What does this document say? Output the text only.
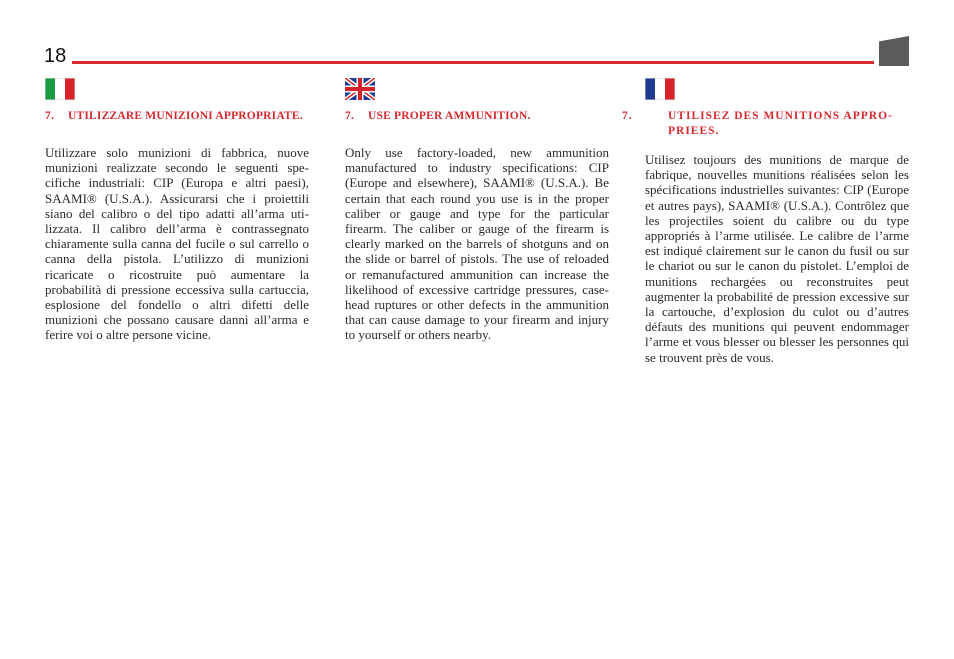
18
7. UTILIZZARE MUNIZIONI APPROPRIATE.

Utilizzare solo munizioni di fabbrica, nuove munizioni realizzate secondo le seguenti specifiche industriali: CIP (Europa e altri paesi), SAAMI® (U.S.A.). Assicurarsi che i proiettili siano del calibro o del tipo adatti all’arma utilizzata. Il calibro dell’arma è contrassegnato chiaramente sulla canna del fucile o sul carrello o canna della pistola. L’utilizzo di munizioni ricaricate o ricostruite può aumentare la probabilità di pressione eccessiva sulla cartuccia, esplosione del fondello o altri difetti delle munizioni che possano causare danni all’arma e ferire voi o altre persone vicine.

7. USE PROPER AMMUNITION.

Only use factory-loaded, new ammunition manufactured to industry specifications: CIP (Europe and elsewhere), SAAMI® (U.S.A.). Be certain that each round you use is in the proper caliber or gauge and type for the particular firearm. The caliber or gauge of the firearm is clearly marked on the barrels of shotguns and on the slide or barrel of pistols. The use of reloaded or remanufactured ammunition can increase the likelihood of excessive cartridge pressures, case-head ruptures or other defects in the ammunition that can cause damage to your firearm and injury to yourself or others nearby.

7.	UTILISEZ DES MUNITIONS APPROPRIEES.

Utilisez toujours des munitions de marque de fabrique, nouvelles munitions réalisées selon les spécifications industrielles suivantes: CIP (Europe et autres pays), SAAMI® (U.S.A.). Contrôlez que les projectiles soient du calibre ou du type appropriés à l’arme utilisée. Le calibre de l’arme est indiqué clairement sur le canon du fusil ou sur le chariot ou sur le canon du pistolet. L’emploi de munitions rechargées ou reconstruites peut augmenter la probabilité de pression excessive sur la cartouche, d’explosion du culot ou d’autres défauts des munitions qui peuvent endommager l’arme et vous blesser ou blesser les personnes qui se trouvent près de vous.
